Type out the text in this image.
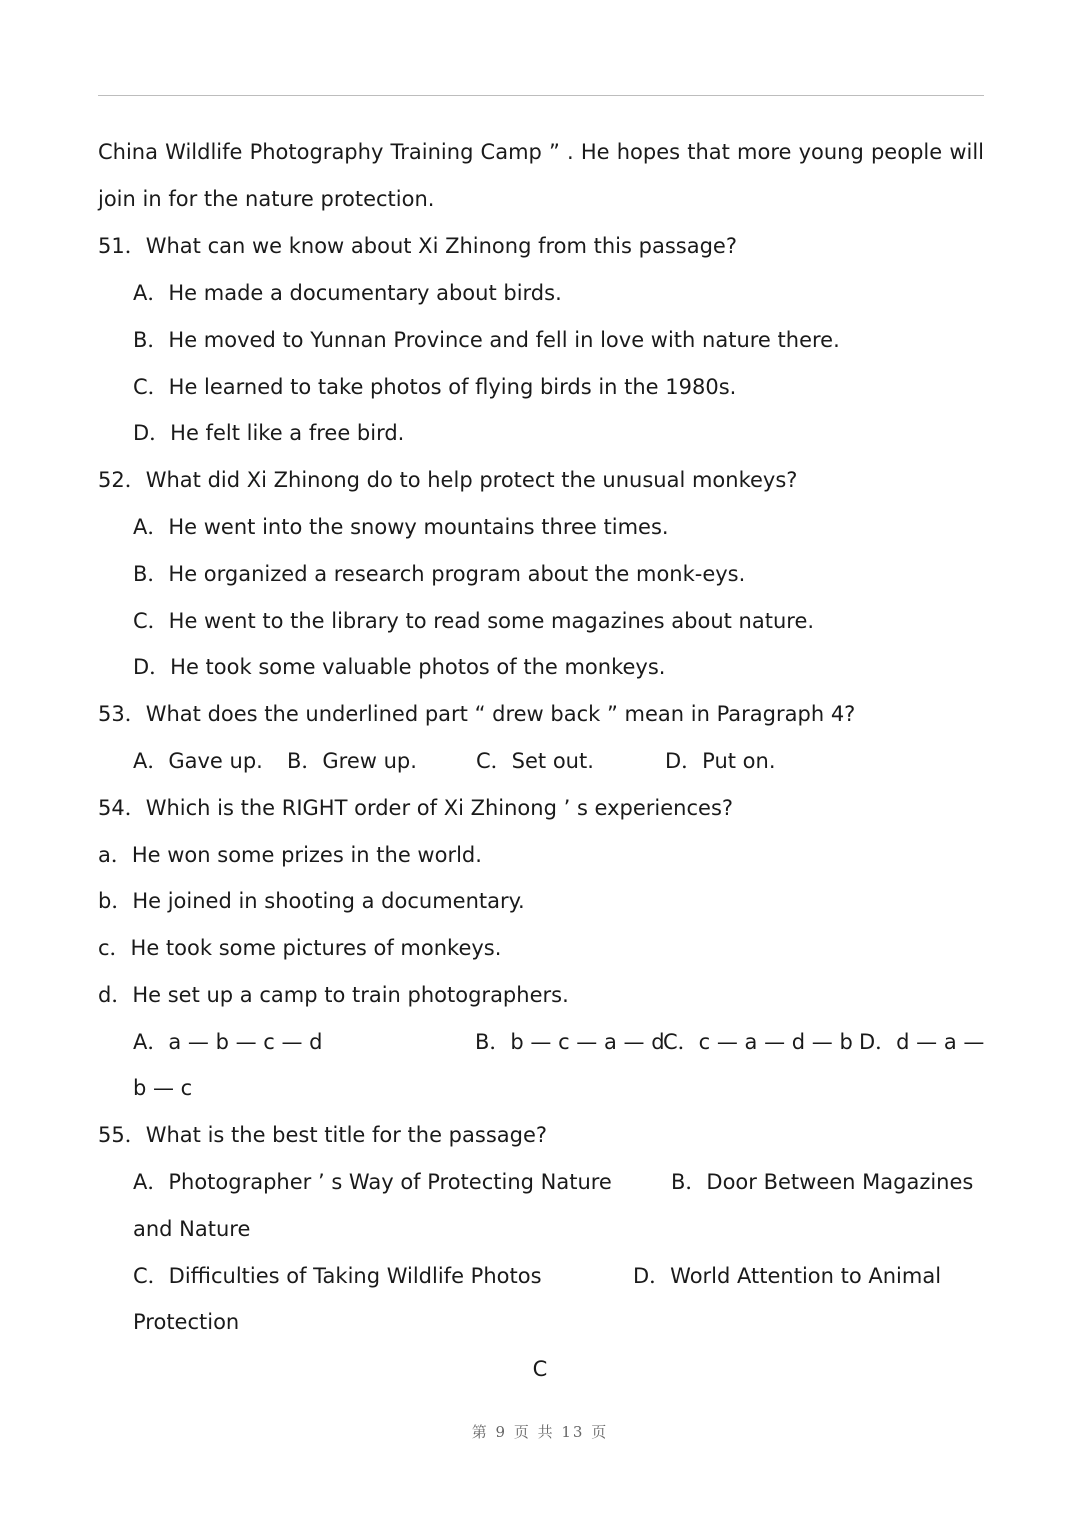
China Wildlife Photography Training Camp ” . He hopes that more young people will
join in for the nature protection.
51．What can we know about Xi Zhinong from this passage?
A．He made a documentary about birds.
B．He moved to Yunnan Province and fell in love with nature there.
C．He learned to take photos of flying birds in the 1980s.
D．He felt like a free bird.
52．What did Xi Zhinong do to help protect the unusual monkeys?
A．He went into the snowy mountains three times.
B．He organized a research program about the monk-eys.
C．He went to the library to read some magazines about nature.
D．He took some valuable photos of the monkeys.
53．What does the underlined part “ drew back ” mean in Paragraph 4?
A．Gave up. B．Grew up.	C．Set out.	D．Put on.
54．Which is the RIGHT order of Xi Zhinong ’ s experiences?
a．He won some prizes in the world.
b．He joined in shooting a documentary.
c．He took some pictures of monkeys.
d．He set up a camp to train photographers.
A．a — b — c — d	B．b — c — a — d
C．c — a — d — b D．d — a —
b — c
55．What is the best title for the passage?
A．Photographer ’ s Way of Protecting Nature	B．Door Between Magazines
and Nature
C．Difficulties of Taking Wildlife Photos	D．World Attention to Animal
Protection
C
第 9 页 共 13 页
